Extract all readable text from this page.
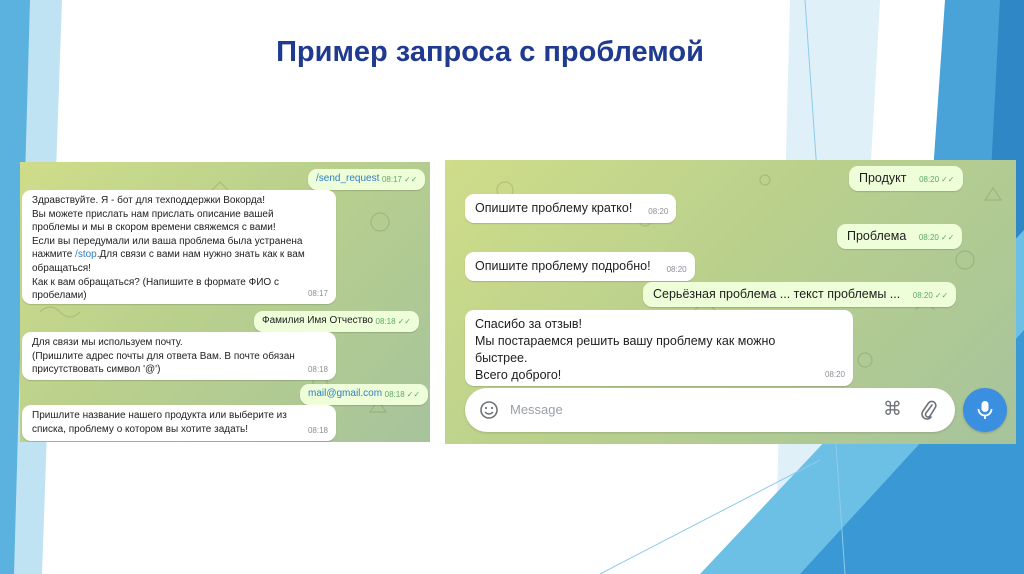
Пример запроса с проблемой
/send_request 08:17 ✓✓
Здравствуйте. Я - бот для техподдержки Вокорда!
Вы можете прислать нам прислать описание вашей
проблемы и мы в скором времени свяжемся с вами!
Если вы передумали или ваша проблема была устранена
нажмите /stop.Для связи с вами нам нужно знать как к вам
обращаться!
Как к вам обращаться? (Напишите в формате ФИО с
пробелами)	08:17
Фамилия Имя Отчество 08:18 ✓✓
Для связи мы используем почту.
(Пришлите адрес почты для ответа Вам. В почте обязан
присутствовать символ '@')	08:18
mail@gmail.com 08:18 ✓✓
Пришлите название нашего продукта или выберите из
списка, проблему о котором вы хотите задать!	08:18
Продукт 08:20 ✓✓
Опишите проблему кратко! 08:20
Проблема 08:20 ✓✓
Опишите проблему подробно! 08:20
Серьёзная проблема ... текст проблемы ... 08:20 ✓✓
Спасибо за отзыв!
Мы постараемся решить вашу проблему как можно
быстрее.
Всего доброго!	08:20
Message	⌘
